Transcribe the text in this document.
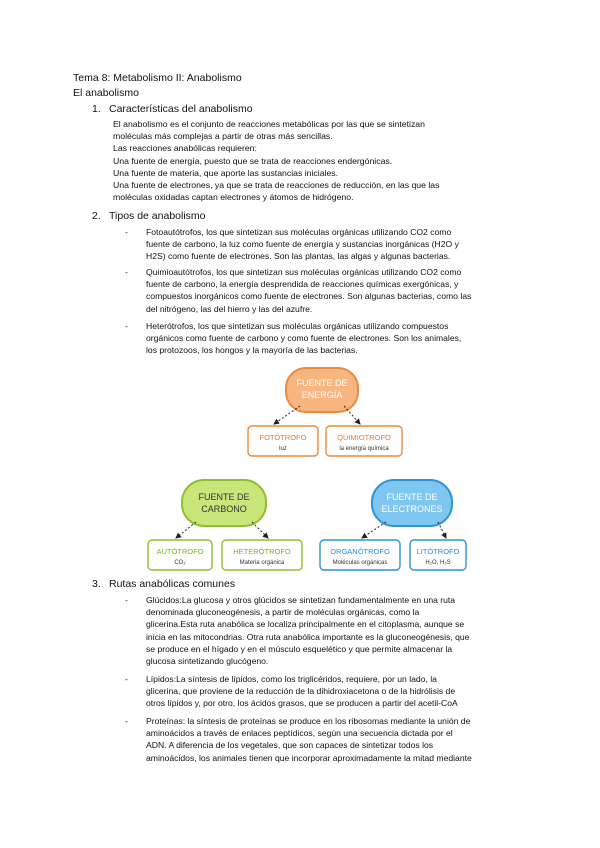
Tema 8: Metabolismo II: Anabolismo
El anabolismo
1. Características del anabolismo
El anabolismo es el conjunto de reacciones metabólicas por las que se sintetizan
moléculas más complejas a partir de otras más sencillas.
Las reacciones anabólicas requieren:
Una fuente de energía, puesto que se trata de reacciones endergónicas.
Una fuente de materia, que aporte las sustancias iniciales.
Una fuente de electrones, ya que se trata de reacciones de reducción, en las que las
moléculas oxidadas captan electrones y átomos de hidrógeno.
2. Tipos de anabolismo
- Fotoautótrofos, los que sintetizan sus moléculas orgánicas utilizando CO2 como
fuente de carbono, la luz como fuente de energía y sustancias inorgánicas (H2O y
H2S) como fuente de electrones. Son las plantas, las algas y algunas bacterias.
- Quimioautótrofos, los que sintetizan sus moléculas orgánicas utilizando CO2 como
fuente de carbono, la energía desprendida de reacciones químicas exergónicas, y
compuestos inorgánicos como fuente de electrones. Son algunas bacterias, como las
del nitrógeno, las del hierro y las del azufre.
- Heterótrofos, los que sintetizan sus moléculas orgánicas utilizando compuestos
orgánicos como fuente de carbono y como fuente de electrones. Son los animales,
los protozoos, los hongos y la mayoría de las bacterias.
FUENTE DE
ENERGÍA
FOTOTROFO
luz
QUIMIOTROFO
la energía química
FUENTE DE
CARBONO
AUTÓTROFO
CO₂
HETERÓTROFO
Materia orgánica
FUENTE DE
ELECTRONES
ORGANÓTROFO
Moléculas orgánicas
LITÓTROFO
H₂O, H₂S
3. Rutas anabólicas comunes
- Glúcidos:La glucosa y otros glúcidos se sintetizan fundamentalmente en una ruta
denominada gluconeogénesis, a partir de moléculas orgánicas, como la
glicerina.Esta ruta anabólica se localiza principalmente en el citoplasma, aunque se
inicia en las mitocondrias. Otra ruta anabólica importante es la gluconeogénesis, que
se produce en el hígado y en el músculo esquelético y que permite almacenar la
glucosa sintetizando glucógeno.
- Lípidos:La síntesis de lípidos, como los triglicéridos, requiere, por un lado, la
glicerina, que proviene de la reducción de la dihidroxiacetona o de la hidrólisis de
otros lípidos y, por otro, los ácidos grasos, que se producen a partir del acetil-CoA
- Proteínas: la síntesis de proteínas se produce en los ribosomas mediante la unión de
aminoácidos a través de enlaces peptídicos, según una secuencia dictada por el
ADN. A diferencia de los vegetales, que son capaces de sintetizar todos los
aminoácidos, los animales tienen que incorporar aproximadamente la mitad mediante
